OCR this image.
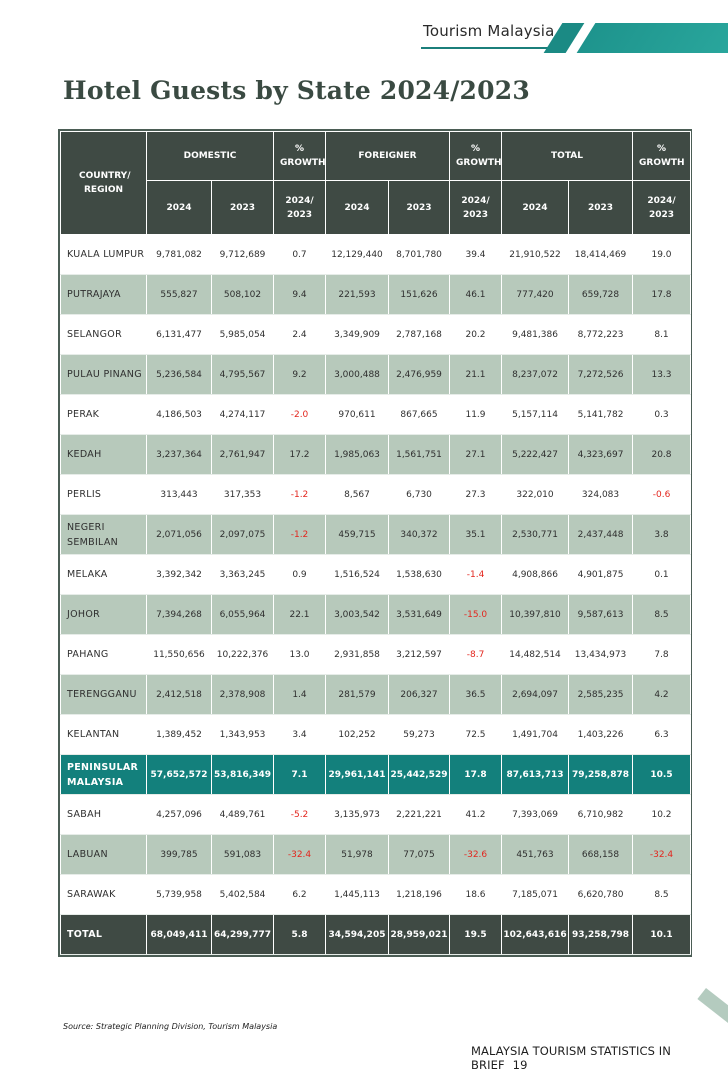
Tourism Malaysia
Hotel Guests by State 2024/2023
COUNTRY/ REGION	DOMESTIC		% GROWTH	FOREIGNER		% GROWTH	TOTAL		% GROWTH
	2024	2023	2024/ 2023	2024	2023	2024/ 2023	2024	2023	2024/ 2023
KUALA LUMPUR	9,781,082	9,712,689	0.7	12,129,440	8,701,780	39.4	21,910,522	18,414,469	19.0
PUTRAJAYA	555,827	508,102	9.4	221,593	151,626	46.1	777,420	659,728	17.8
SELANGOR	6,131,477	5,985,054	2.4	3,349,909	2,787,168	20.2	9,481,386	8,772,223	8.1
PULAU PINANG	5,236,584	4,795,567	9.2	3,000,488	2,476,959	21.1	8,237,072	7,272,526	13.3
PERAK	4,186,503	4,274,117	-2.0	970,611	867,665	11.9	5,157,114	5,141,782	0.3
KEDAH	3,237,364	2,761,947	17.2	1,985,063	1,561,751	27.1	5,222,427	4,323,697	20.8
PERLIS	313,443	317,353	-1.2	8,567	6,730	27.3	322,010	324,083	-0.6
NEGERI SEMBILAN	2,071,056	2,097,075	-1.2	459,715	340,372	35.1	2,530,771	2,437,448	3.8
MELAKA	3,392,342	3,363,245	0.9	1,516,524	1,538,630	-1.4	4,908,866	4,901,875	0.1
JOHOR	7,394,268	6,055,964	22.1	3,003,542	3,531,649	-15.0	10,397,810	9,587,613	8.5
PAHANG	11,550,656	10,222,376	13.0	2,931,858	3,212,597	-8.7	14,482,514	13,434,973	7.8
TERENGGANU	2,412,518	2,378,908	1.4	281,579	206,327	36.5	2,694,097	2,585,235	4.2
KELANTAN	1,389,452	1,343,953	3.4	102,252	59,273	72.5	1,491,704	1,403,226	6.3
PENINSULAR MALAYSIA	57,652,572	53,816,349	7.1	29,961,141	25,442,529	17.8	87,613,713	79,258,878	10.5
SABAH	4,257,096	4,489,761	-5.2	3,135,973	2,221,221	41.2	7,393,069	6,710,982	10.2
LABUAN	399,785	591,083	-32.4	51,978	77,075	-32.6	451,763	668,158	-32.4
SARAWAK	5,739,958	5,402,584	6.2	1,445,113	1,218,196	18.6	7,185,071	6,620,780	8.5
TOTAL	68,049,411	64,299,777	5.8	34,594,205	28,959,021	19.5	102,643,616	93,258,798	10.1
Source: Strategic Planning Division, Tourism Malaysia
MALAYSIA TOURISM STATISTICS IN BRIEF 19
